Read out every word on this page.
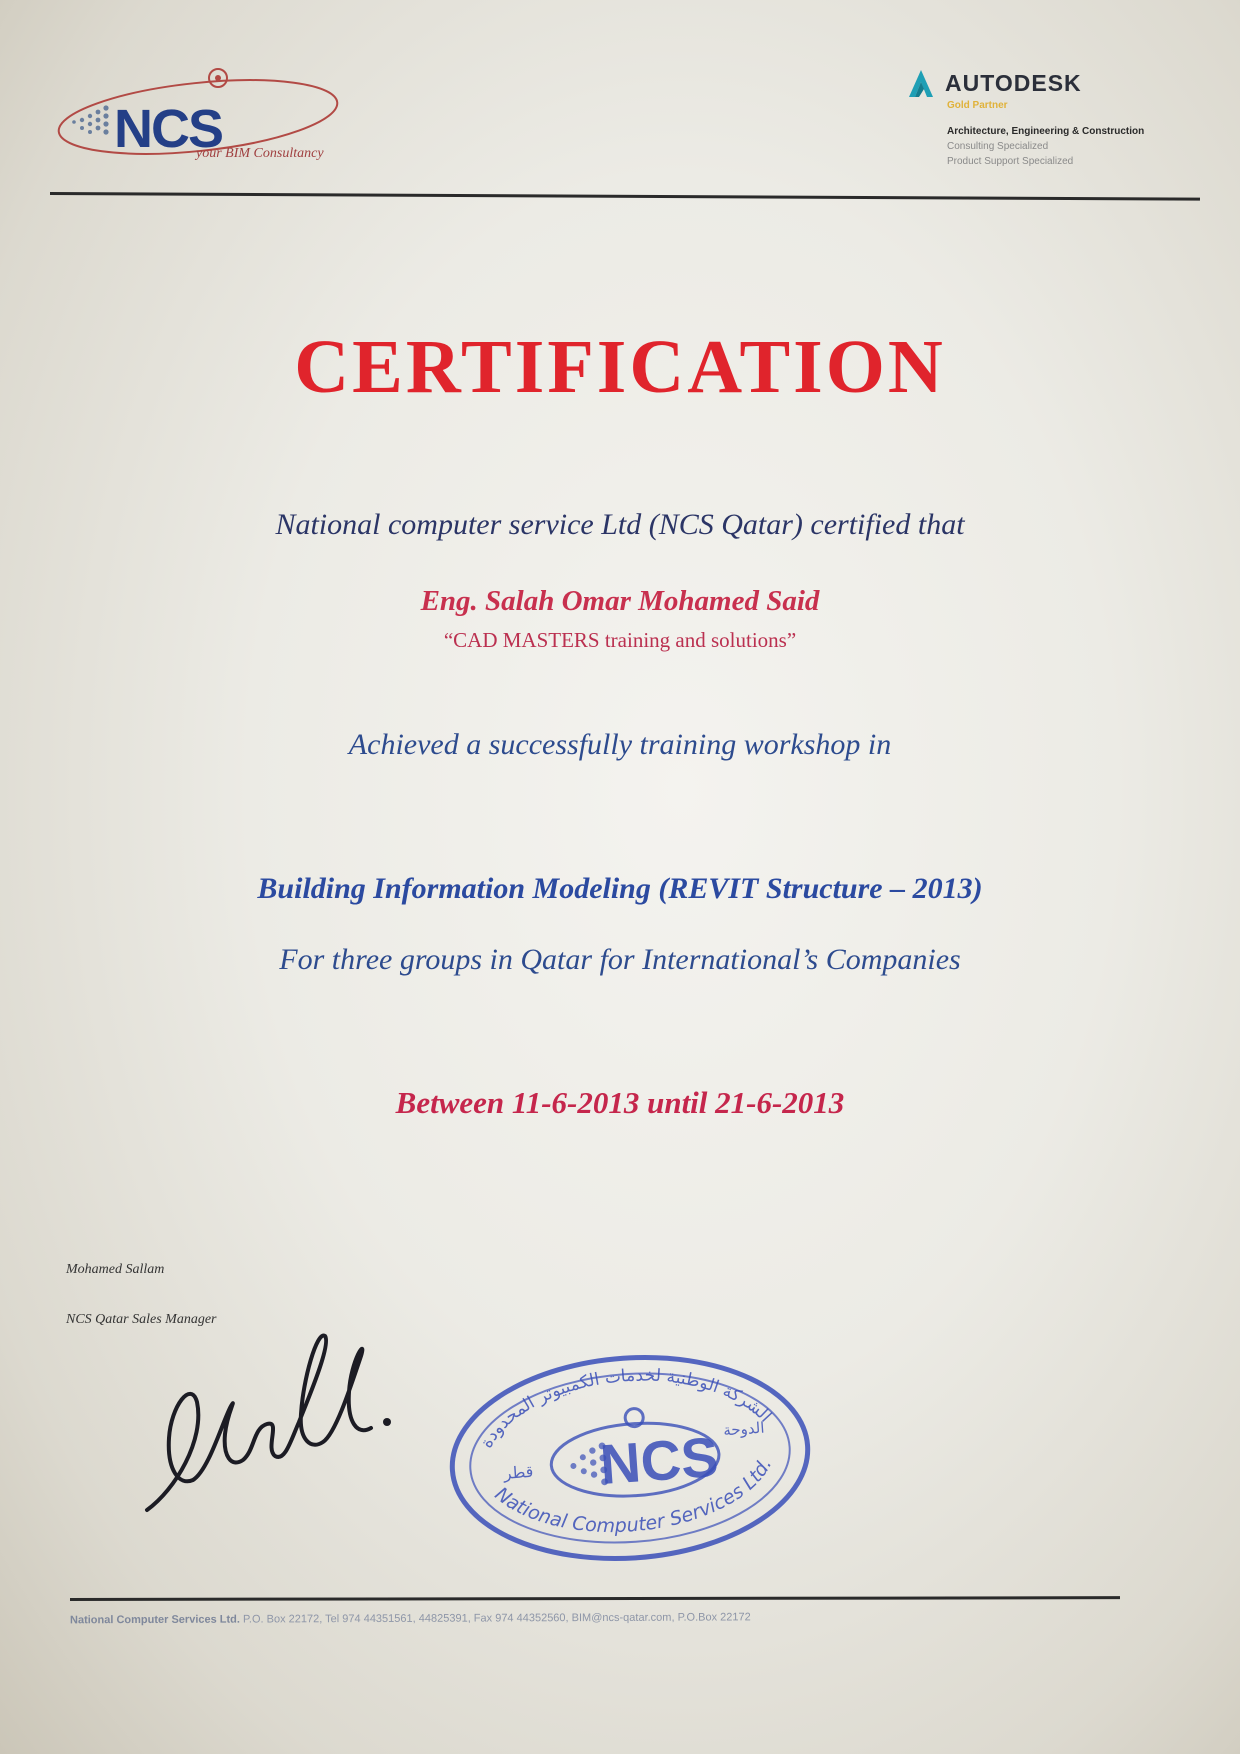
NCS
your BIM Consultancy
AUTODESK
Gold Partner
Architecture, Engineering & Construction
Consulting Specialized
Product Support Specialized
CERTIFICATION
National computer service Ltd (NCS Qatar) certified that
Eng. Salah Omar Mohamed Said
“CAD MASTERS training and solutions”
Achieved a successfully training workshop in
Building Information Modeling (REVIT Structure – 2013)
For three groups in Qatar for International’s Companies
Between 11-6-2013 until 21-6-2013
Mohamed Sallam
NCS Qatar Sales Manager
الشركة الوطنية لخدمات الكمبيوتر المحدودة
National Computer Services Ltd.
قطر
الدوحة
NCS
National Computer Services Ltd. P.O. Box 22172, Tel 974 44351561, 44825391, Fax 974 44352560, BIM@ncs-qatar.com, P.O.Box 22172
